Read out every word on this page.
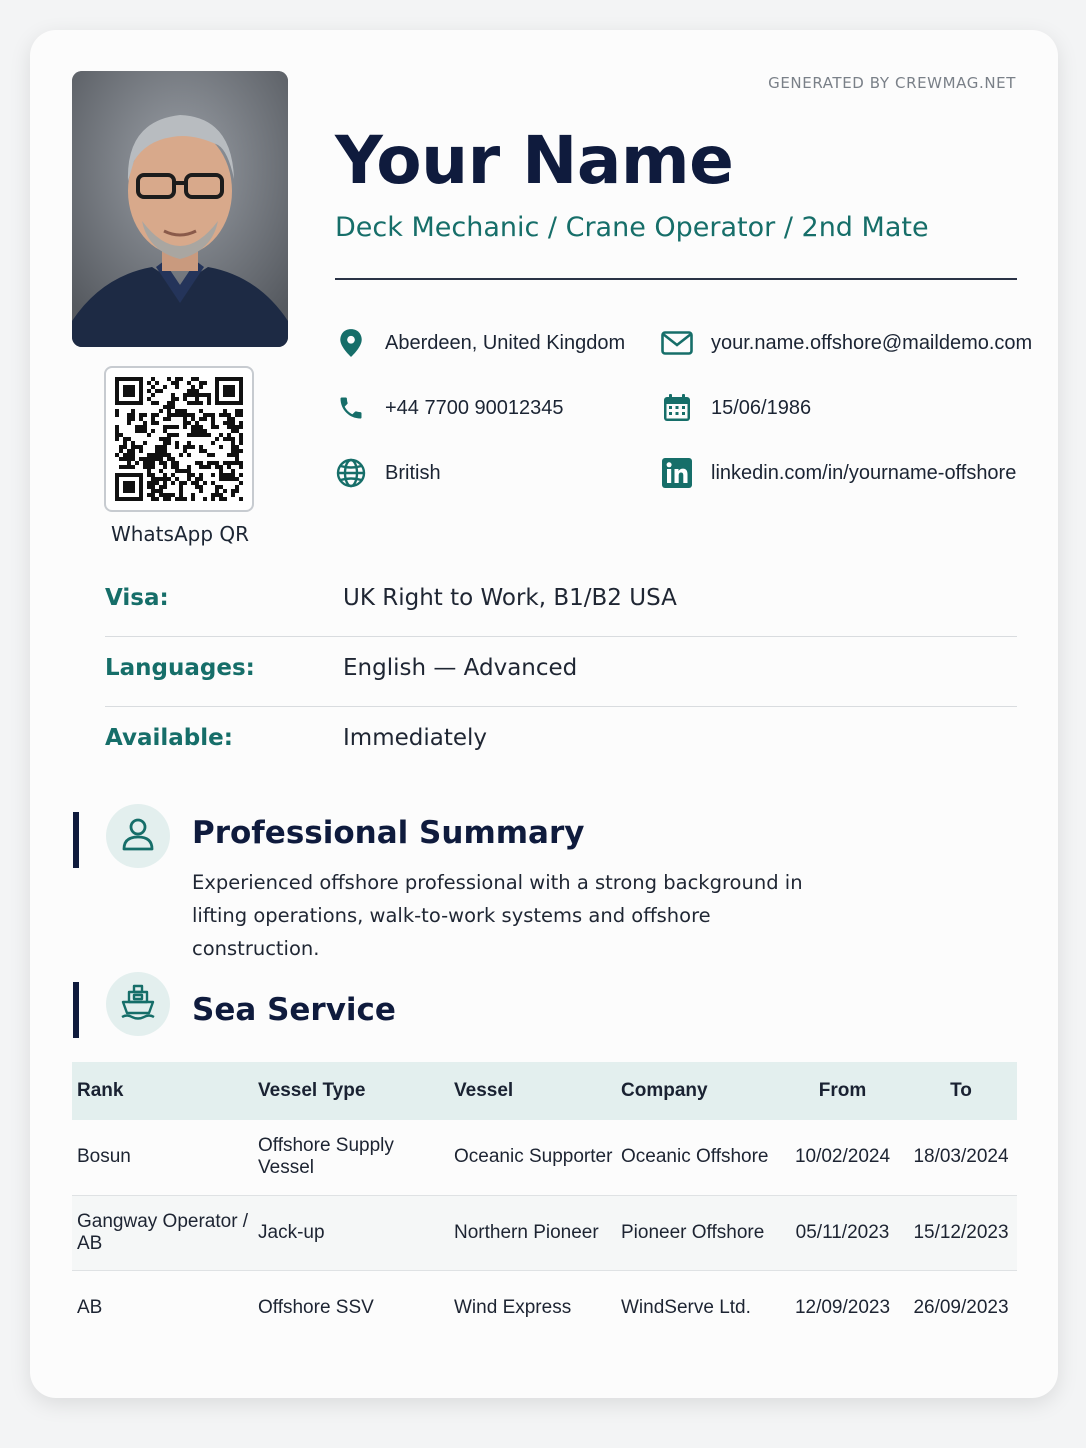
GENERATED BY CREWMAG.NET
WhatsApp QR
Your Name
Deck Mechanic / Crane Operator / 2nd Mate
Aberdeen, United Kingdom	your.name.offshore@maildemo.com
+44 7700 90012345	15/06/1986
British	linkedin.com/in/yourname-offshore
Visa:	UK Right to Work, B1/B2 USA
Languages:	English — Advanced
Available:	Immediately
Professional Summary
Experienced offshore professional with a strong background in
lifting operations, walk-to-work systems and offshore construction.
Sea Service
Rank	Vessel Type	Vessel	Company	From	To
Bosun	Offshore Supply Vessel	Oceanic Supporter	Oceanic Offshore	10/02/2024	18/03/2024
Gangway Operator / AB	Jack-up	Northern Pioneer	Pioneer Offshore	05/11/2023	15/12/2023
AB	Offshore SSV	Wind Express	WindServe Ltd.	12/09/2023	26/09/2023
